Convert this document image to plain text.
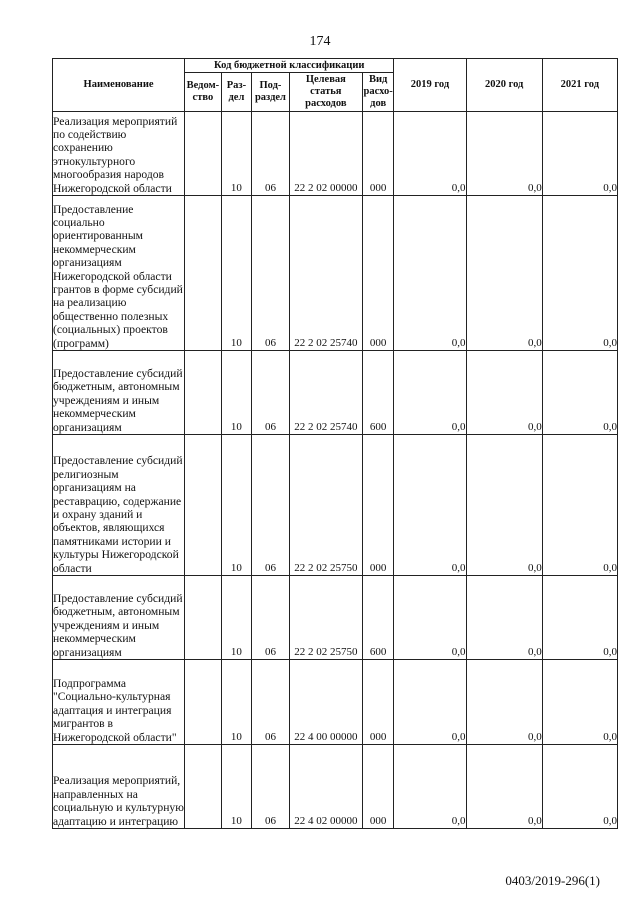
174
Наименование	Код бюджетной классификации					2019 год	2020 год	2021 год
	Ведом-ство	Раз-дел	Под-раздел	Целевая статья расходов	Вид расхо-дов			
Реализация мероприятий по содействию сохранению этнокультурного многообразия народов Нижегородской области		10	06	22 2 02 00000	000	0,0	0,0	0,0
Предоставление социально ориентированным некоммерческим организациям Нижегородской области грантов в форме субсидий на реализацию общественно полезных (социальных) проектов (программ)		10	06	22 2 02 25740	000	0,0	0,0	0,0
Предоставление субсидий бюджетным, автономным учреждениям и иным некоммерческим организациям		10	06	22 2 02 25740	600	0,0	0,0	0,0
Предоставление субсидий религиозным организациям на реставрацию, содержание и охрану зданий и объектов, являющихся памятниками истории и культуры Нижегородской области		10	06	22 2 02 25750	000	0,0	0,0	0,0
Предоставление субсидий бюджетным, автономным учреждениям и иным некоммерческим организациям		10	06	22 2 02 25750	600	0,0	0,0	0,0
Подпрограмма "Социально-культурная адаптация и интеграция мигрантов в Нижегородской области"		10	06	22 4 00 00000	000	0,0	0,0	0,0
Реализация мероприятий, направленных на социальную и культурную адаптацию и интеграцию		10	06	22 4 02 00000	000	0,0	0,0	0,0
0403/2019-296(1)
